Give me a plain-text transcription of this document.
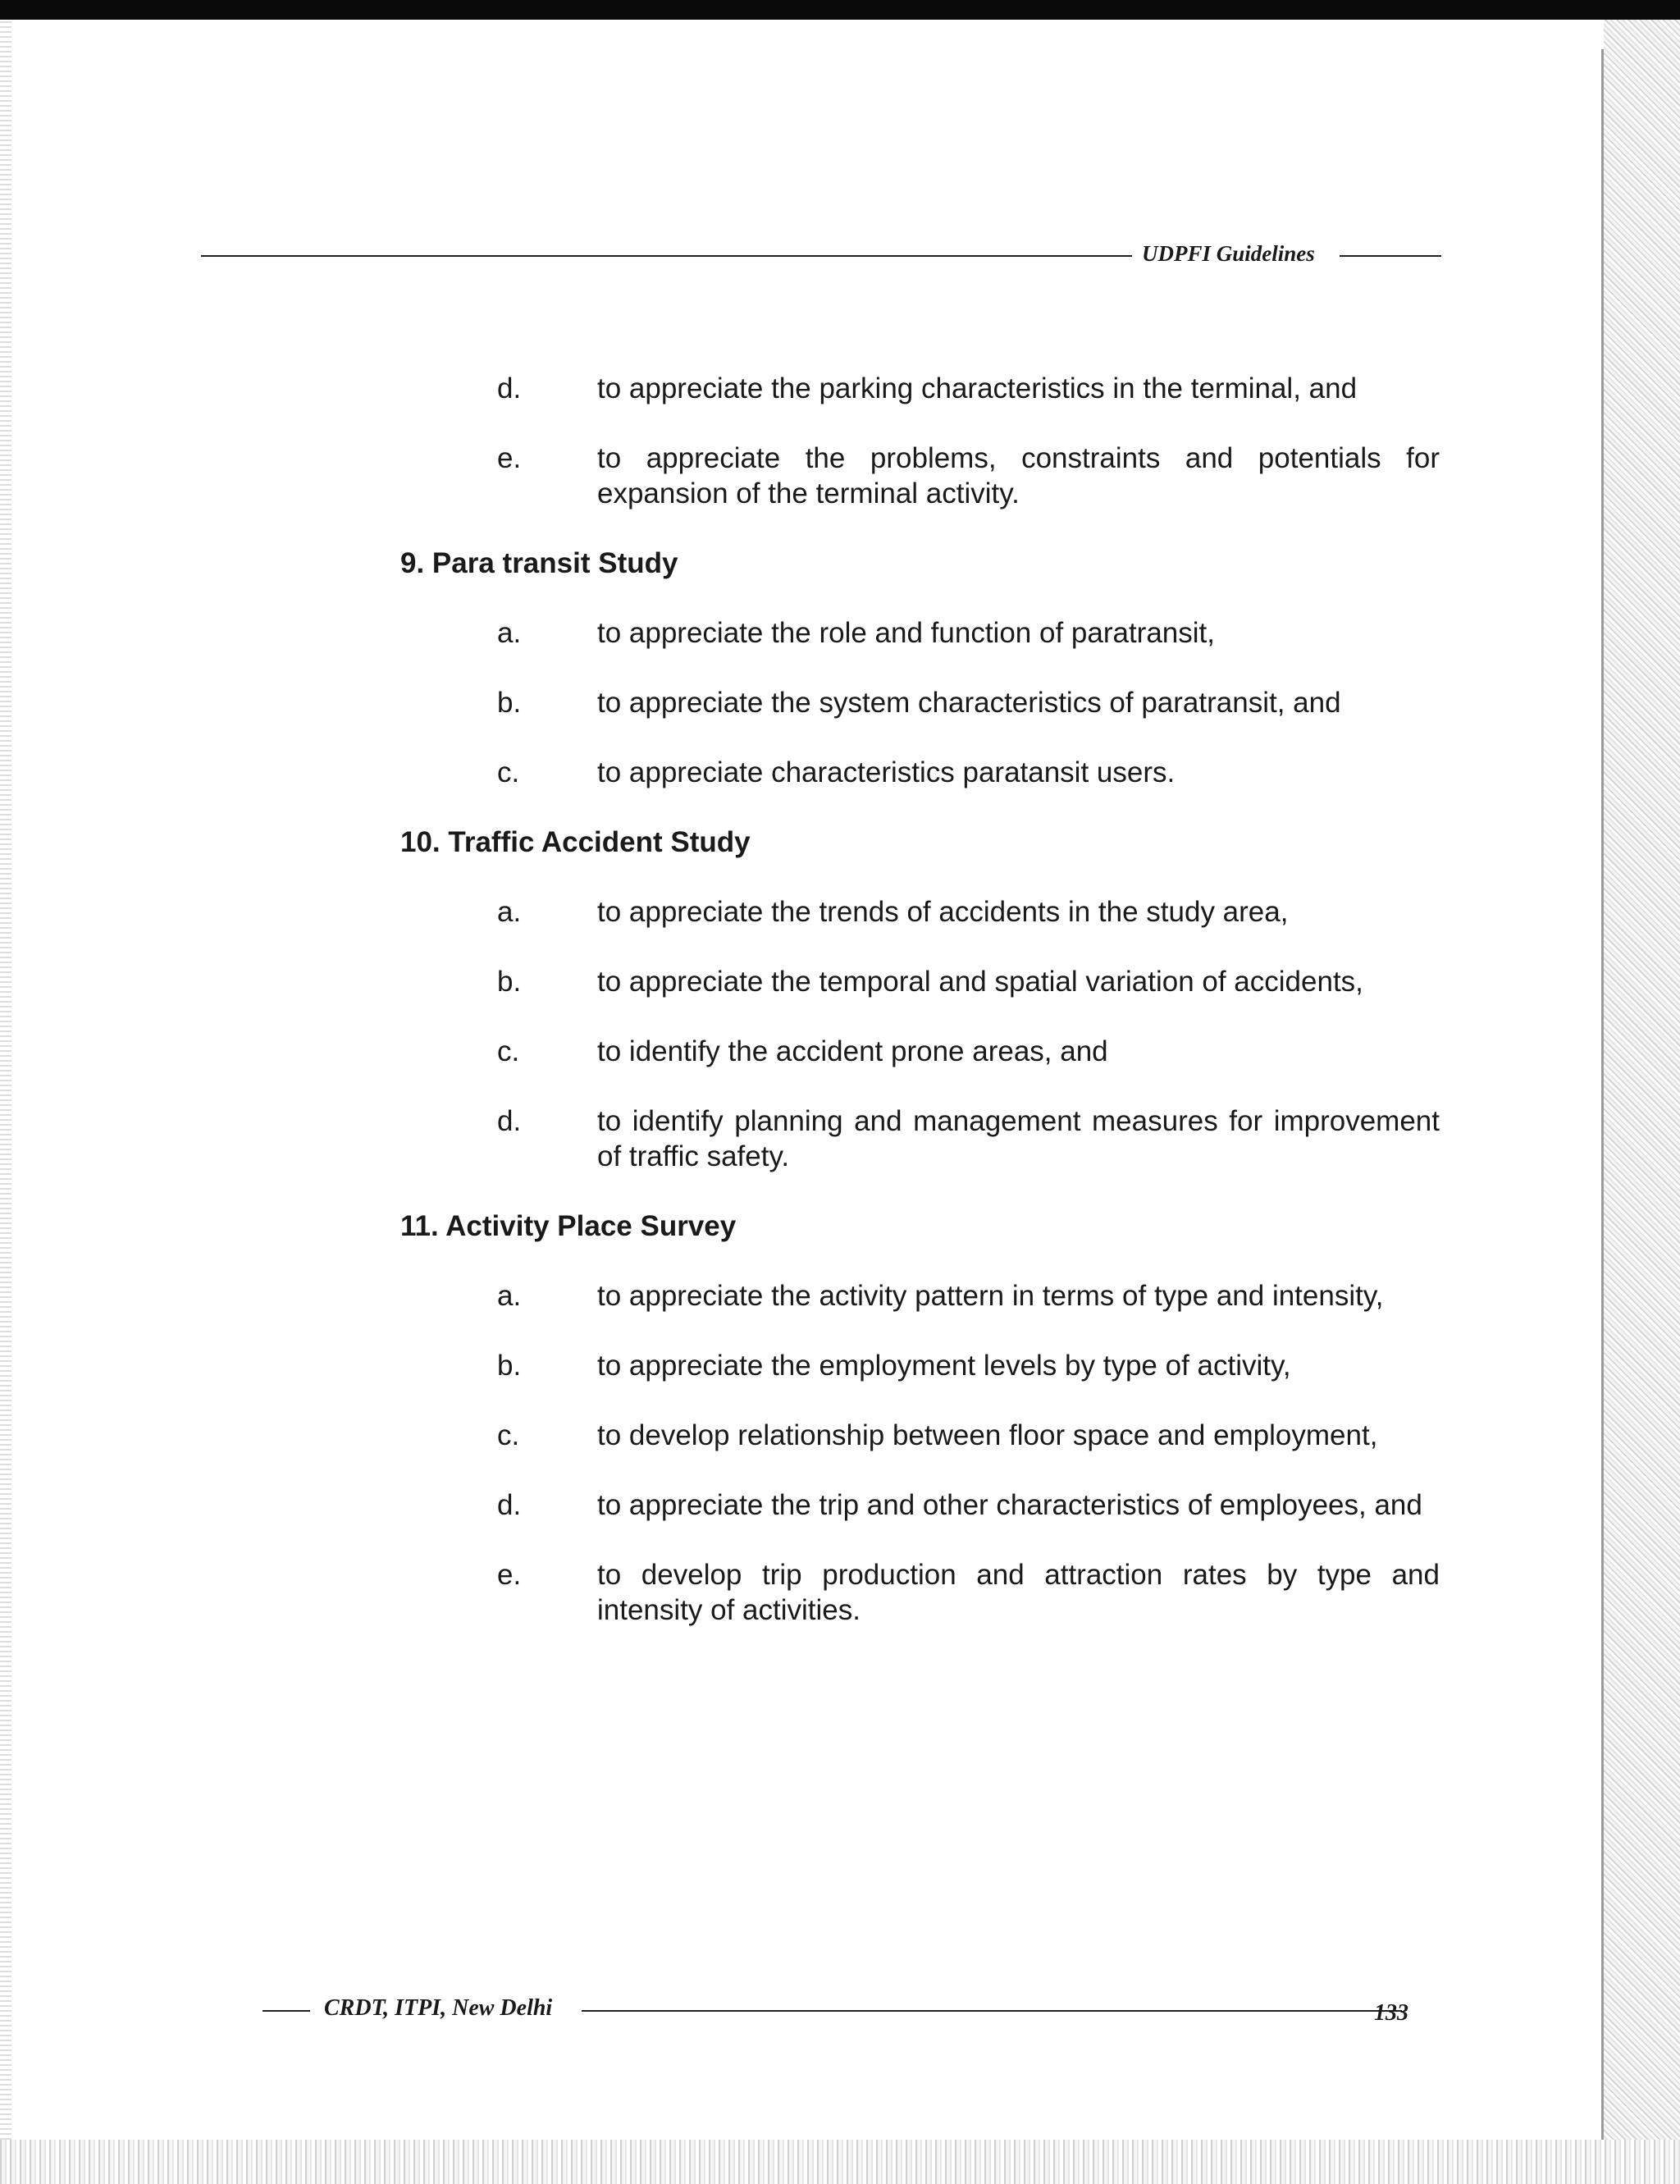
UDPFI Guidelines
d.	to appreciate the parking characteristics in the terminal, and
e.	to appreciate the problems, constraints and potentials for expansion of the terminal activity.
9. Para transit Study
a.	to appreciate the role and function of paratransit,
b.	to appreciate the system characteristics of paratransit, and
c.	to appreciate characteristics paratansit users.
10. Traffic Accident Study
a.	to appreciate the trends of accidents in the study area,
b.	to appreciate the temporal and spatial variation of accidents,
c.	to identify the accident prone areas, and
d.	to identify planning and management measures for improvement of traffic safety.
11. Activity Place Survey
a.	to appreciate the activity pattern in terms of type and intensity,
b.	to appreciate the employment levels by type of activity,
c.	to develop relationship between floor space and employment,
d.	to appreciate the trip and other characteristics of employees, and
e.	to develop trip production and attraction rates by type and intensity of activities.
CRDT, ITPI, New Delhi	133
